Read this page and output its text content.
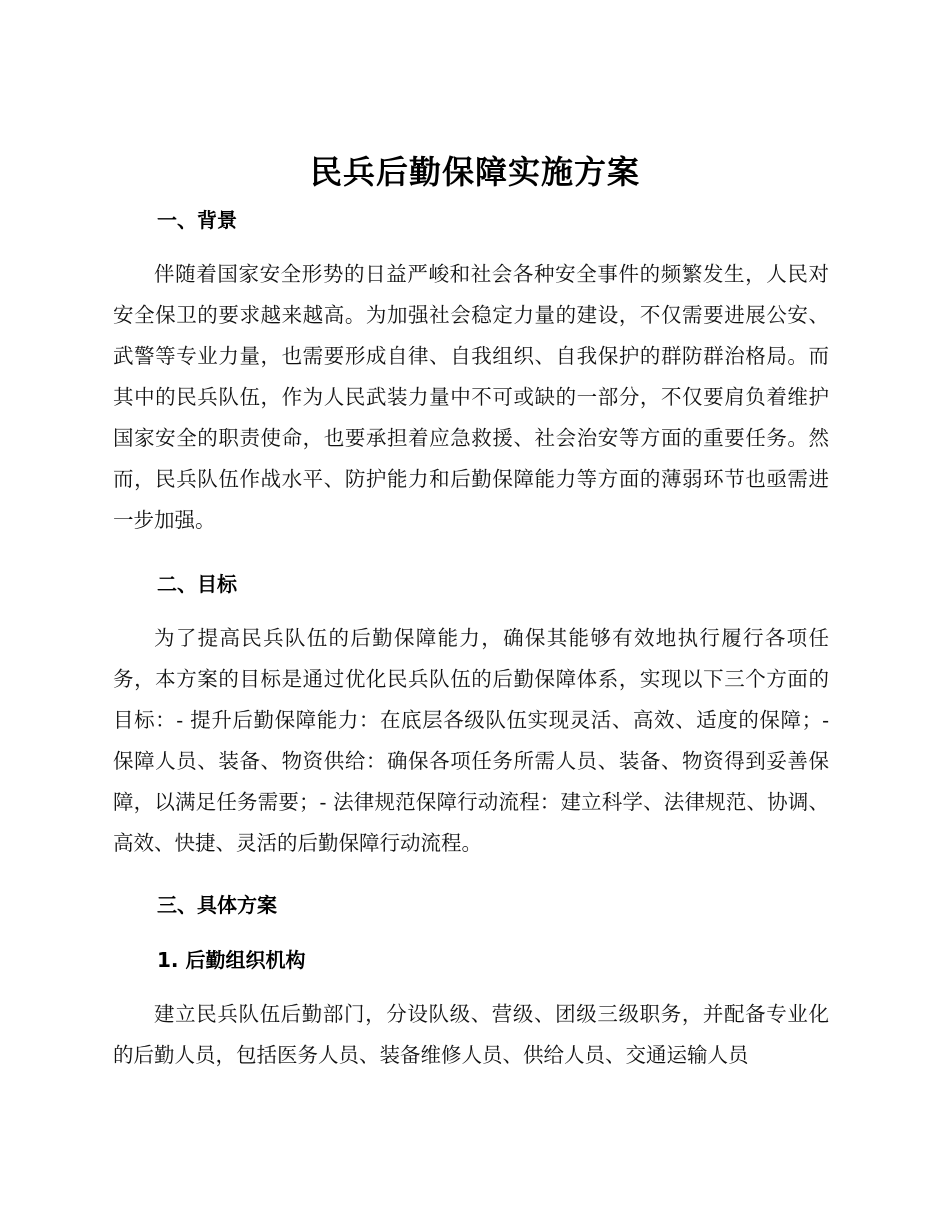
民兵后勤保障实施方案
一、背景

伴随着国家安全形势的日益严峻和社会各种安全事件的频繁发生，人民对安全保卫的要求越来越高。为加强社会稳定力量的建设，不仅需要进展公安、武警等专业力量，也需要形成自律、自我组织、自我保护的群防群治格局。而其中的民兵队伍，作为人民武装力量中不可或缺的一部分，不仅要肩负着维护国家安全的职责使命，也要承担着应急救援、社会治安等方面的重要任务。然而，民兵队伍作战水平、防护能力和后勤保障能力等方面的薄弱环节也亟需进一步加强。

二、目标

为了提高民兵队伍的后勤保障能力，确保其能够有效地执行履行各项任务，本方案的目标是通过优化民兵队伍的后勤保障体系，实现以下三个方面的目标：- 提升后勤保障能力：在底层各级队伍实现灵活、高效、适度的保障；- 保障人员、装备、物资供给：确保各项任务所需人员、装备、物资得到妥善保障，以满足任务需要；- 法律规范保障行动流程：建立科学、法律规范、协调、高效、快捷、灵活的后勤保障行动流程。

三、具体方案
1. 后勤组织机构

建立民兵队伍后勤部门，分设队级、营级、团级三级职务，并配备专业化的后勤人员，包括医务人员、装备维修人员、供给人员、交通运输人员
